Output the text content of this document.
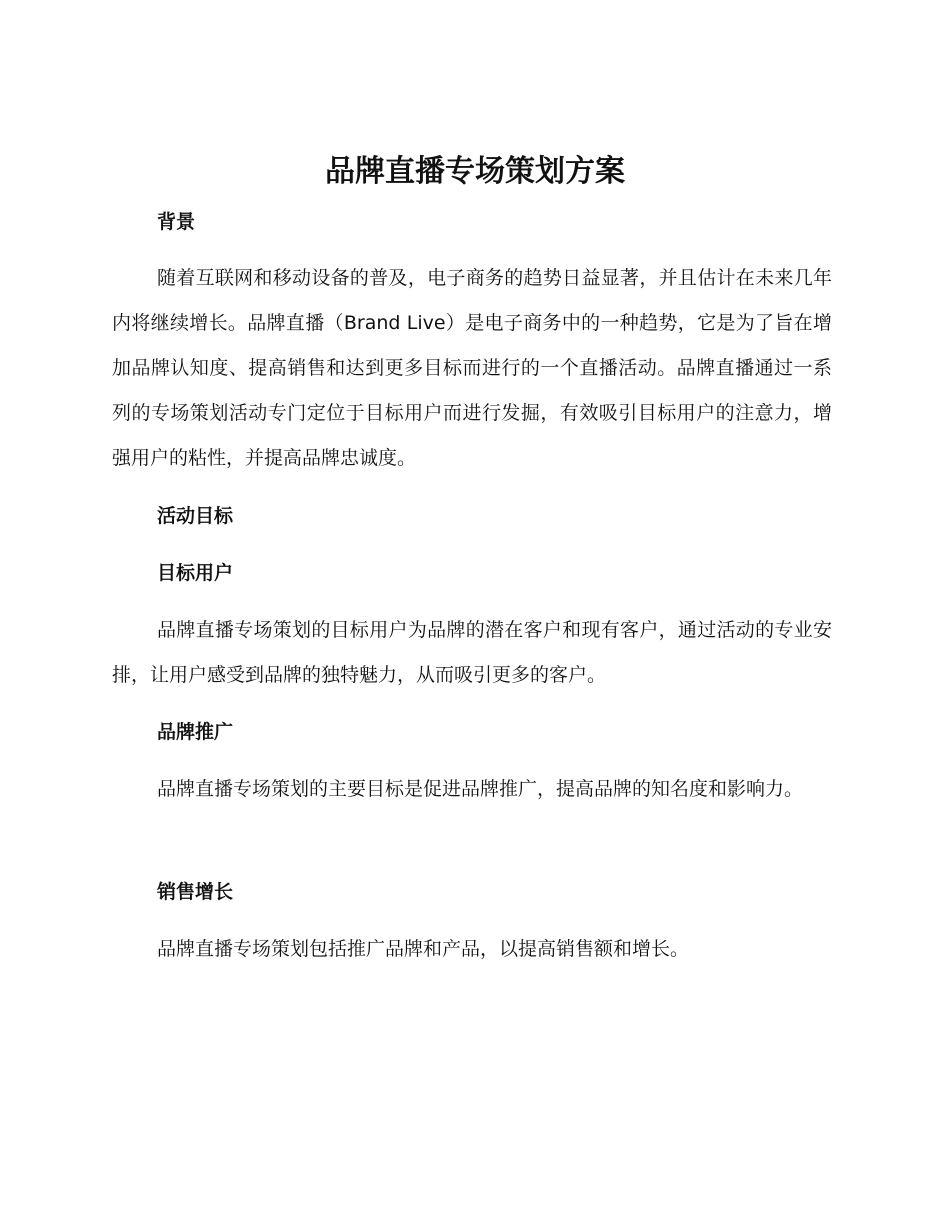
品牌直播专场策划方案
背景

随着互联网和移动设备的普及，电子商务的趋势日益显著，并且估计在未来几年内将继续增长。品牌直播（Brand Live）是电子商务中的一种趋势，它是为了旨在增加品牌认知度、提高销售和达到更多目标而进行的一个直播活动。品牌直播通过一系列的专场策划活动专门定位于目标用户而进行发掘，有效吸引目标用户的注意力，增强用户的粘性，并提高品牌忠诚度。

活动目标
目标用户

品牌直播专场策划的目标用户为品牌的潜在客户和现有客户，通过活动的专业安排，让用户感受到品牌的独特魅力，从而吸引更多的客户。

品牌推广

品牌直播专场策划的主要目标是促进品牌推广，提高品牌的知名度和影响力。

销售增长

品牌直播专场策划包括推广品牌和产品，以提高销售额和增长。
